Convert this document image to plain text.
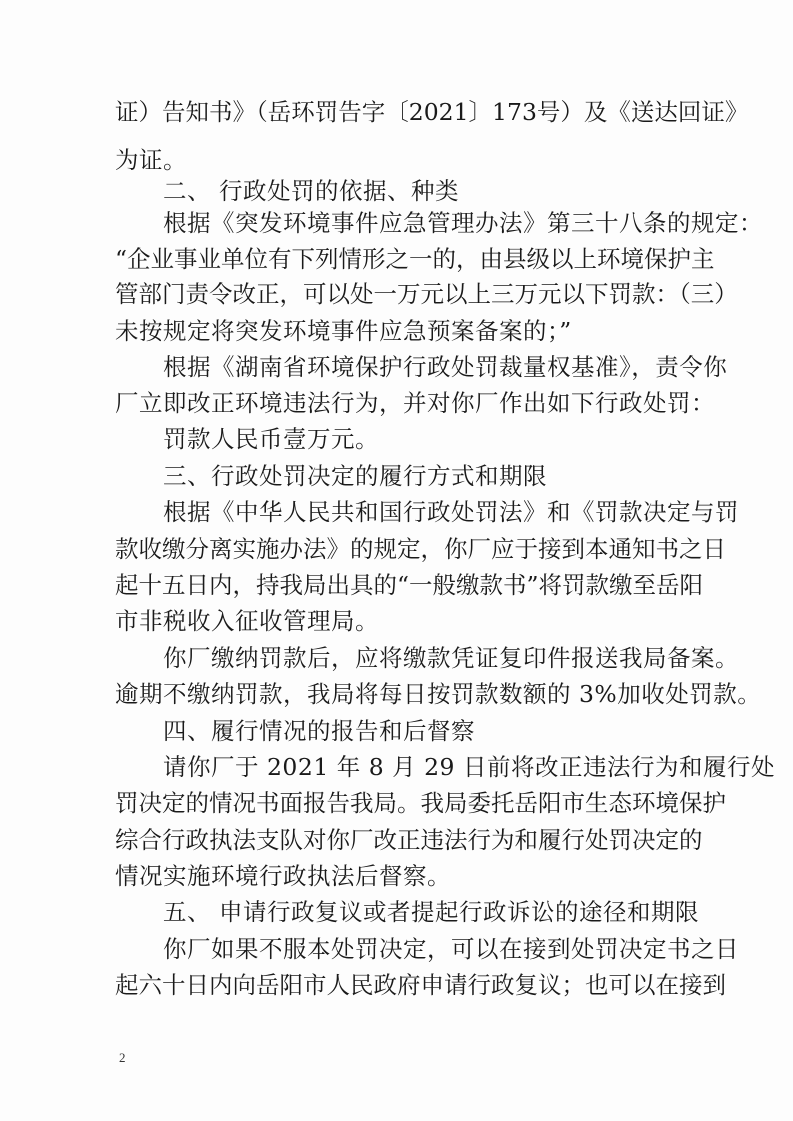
证）告知书》（岳环罚告字〔2021〕173号）及《送达回证》
为证。
二、 行政处罚的依据、种类
根据《突发环境事件应急管理办法》第三十八条的规定：
“企业事业单位有下列情形之一的，由县级以上环境保护主
管部门责令改正，可以处一万元以上三万元以下罚款：（三）
未按规定将突发环境事件应急预案备案的；”
根据《湖南省环境保护行政处罚裁量权基准》，责令你
厂立即改正环境违法行为，并对你厂作出如下行政处罚：
罚款人民币壹万元。
三、行政处罚决定的履行方式和期限
根据《中华人民共和国行政处罚法》和《罚款决定与罚
款收缴分离实施办法》的规定，你厂应于接到本通知书之日
起十五日内，持我局出具的“一般缴款书”将罚款缴至岳阳
市非税收入征收管理局。
你厂缴纳罚款后，应将缴款凭证复印件报送我局备案。
逾期不缴纳罚款，我局将每日按罚款数额的 3%加收处罚款。
四、履行情况的报告和后督察
请你厂于 2021 年 8 月 29 日前将改正违法行为和履行处
罚决定的情况书面报告我局。我局委托岳阳市生态环境保护
综合行政执法支队对你厂改正违法行为和履行处罚决定的
情况实施环境行政执法后督察。
五、 申请行政复议或者提起行政诉讼的途径和期限
你厂如果不服本处罚决定，可以在接到处罚决定书之日
起六十日内向岳阳市人民政府申请行政复议；也可以在接到
2
